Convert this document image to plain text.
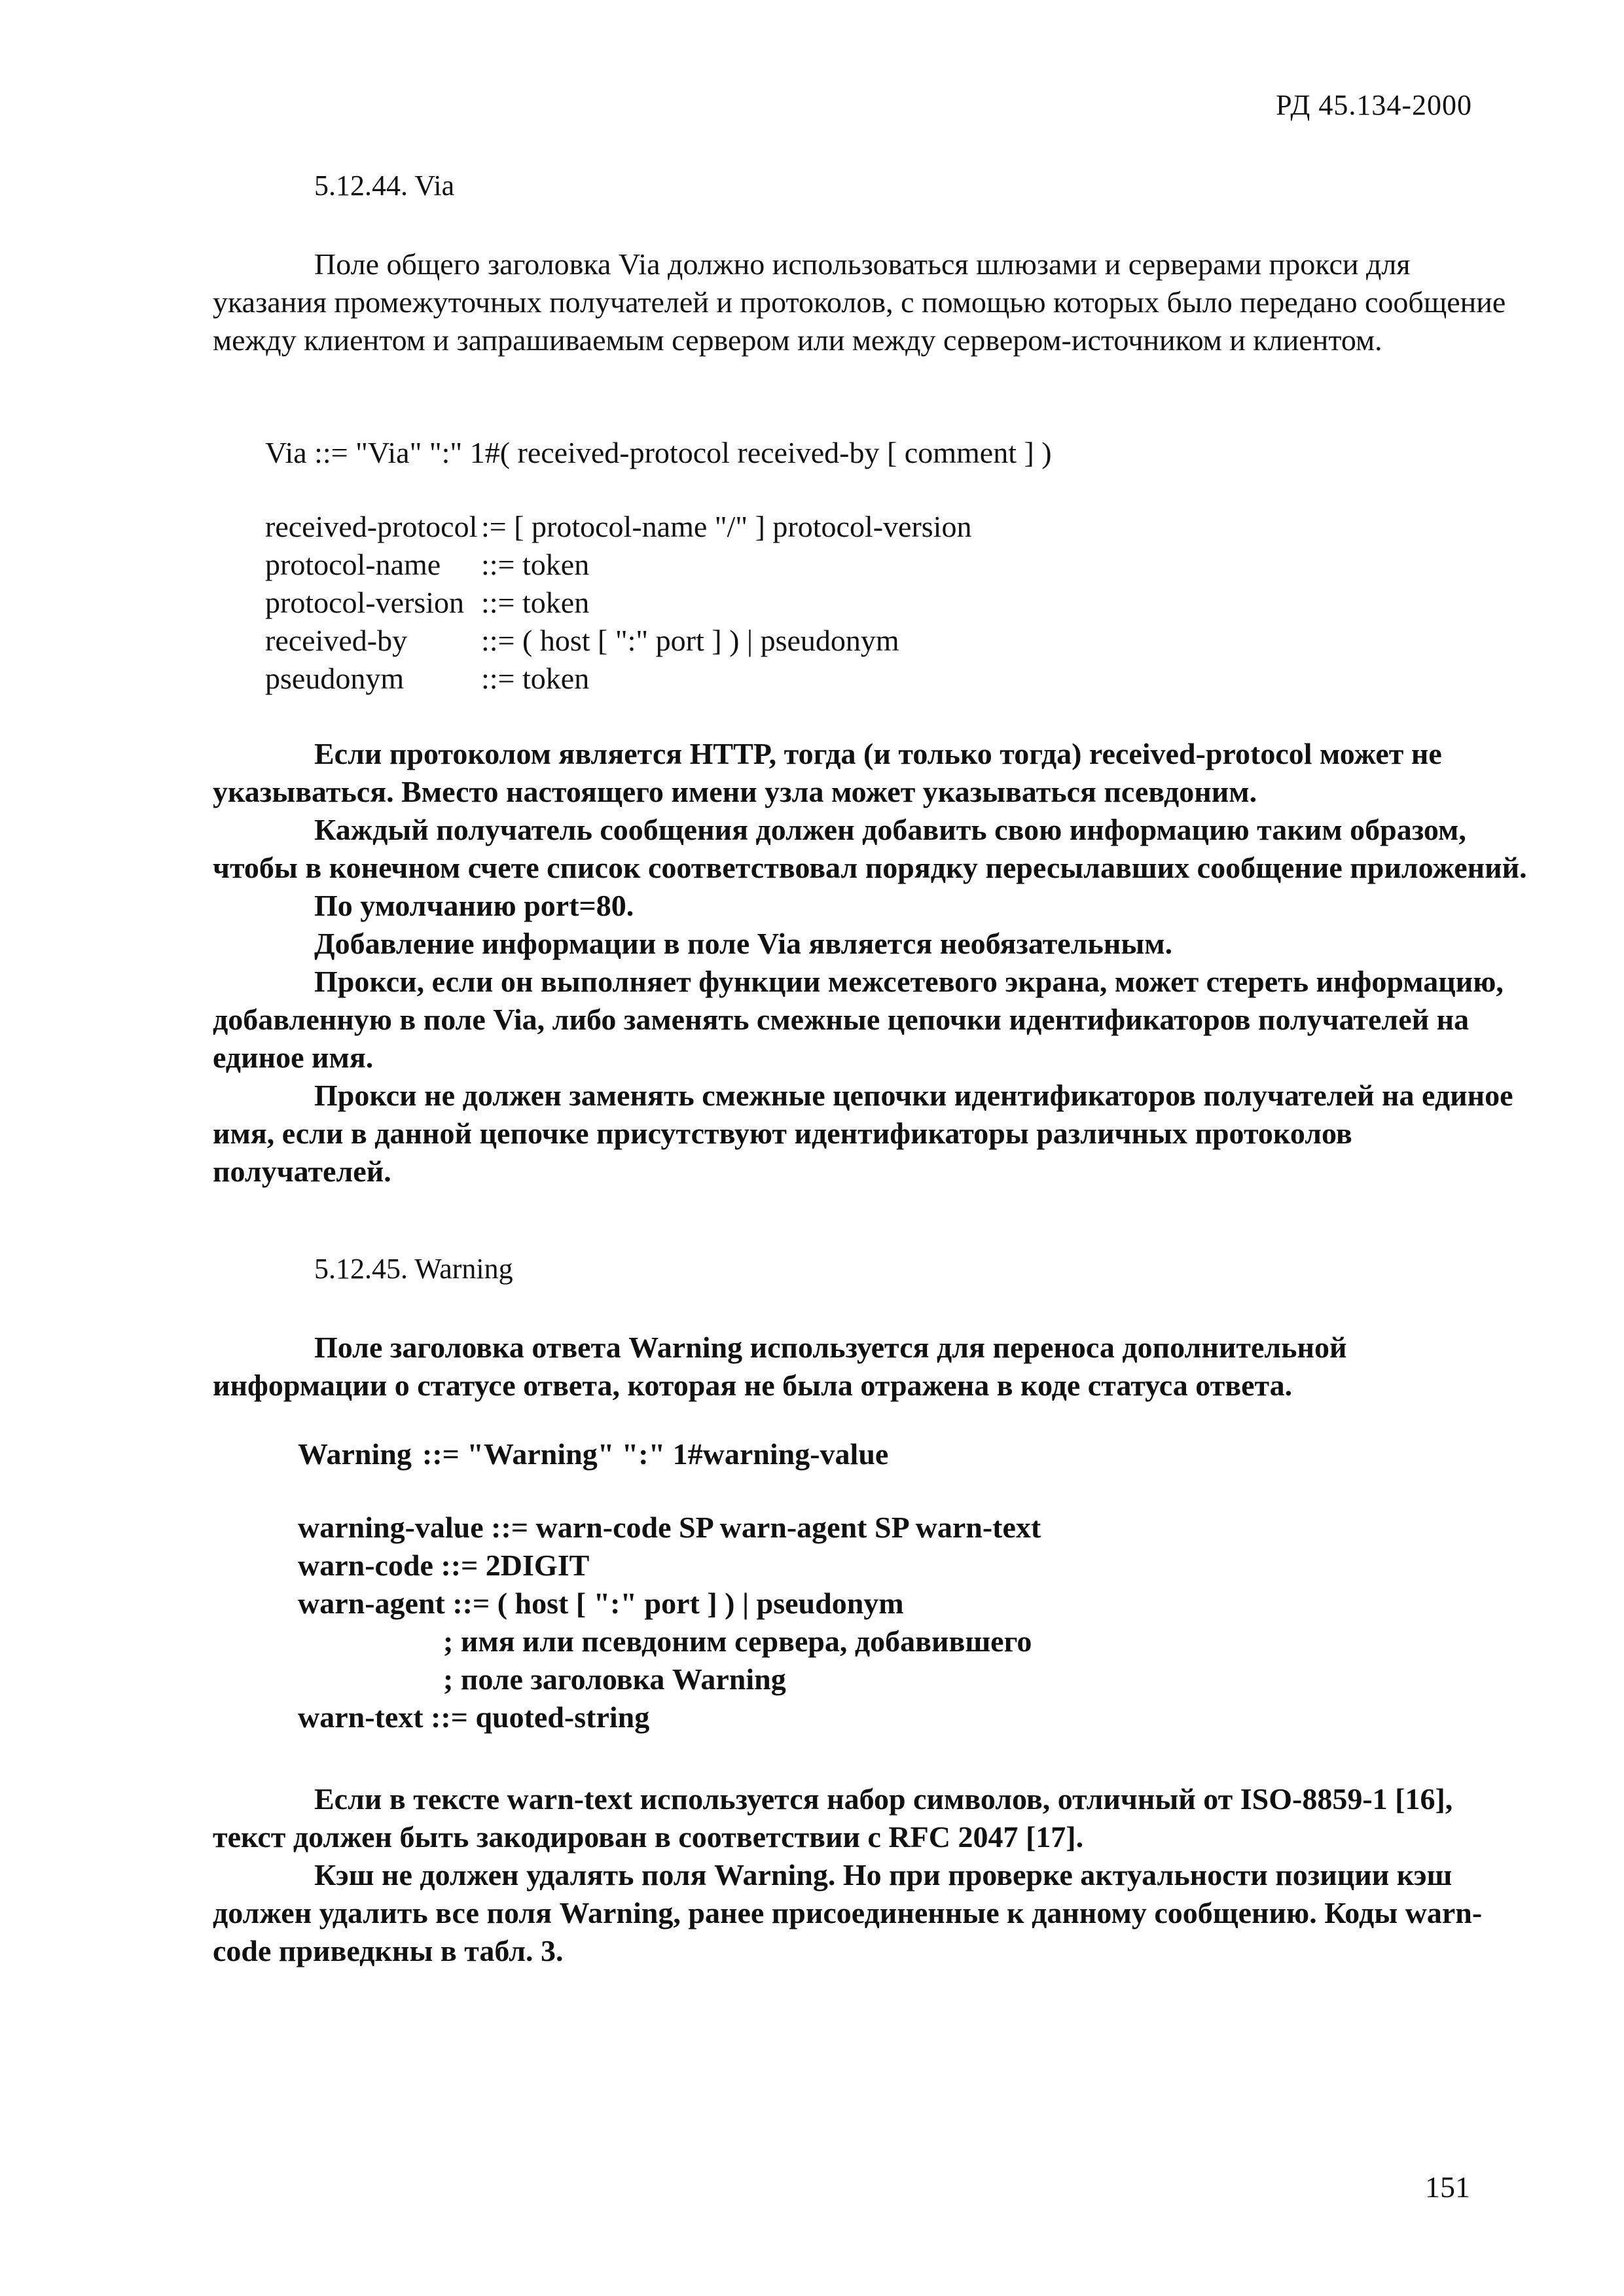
РД 45.134-2000
5.12.44. Via

Поле общего заголовка Via должно использоваться шлюзами и серверами прокси для указания промежуточных получателей и протоколов, с помощью которых было передано сообщение между клиентом и запрашиваемым сервером или между сервером-источником и клиентом.

Via ::= "Via" ":" 1#( received-protocol received-by [ comment ] )
received-protocol := [ protocol-name "/" ] protocol-version
protocol-name	::= token
protocol-version ::= token
received-by	::= ( host [ ":" port ] ) | pseudonym
pseudonym	::= token

Если протоколом является HTTP, тогда (и только тогда) received-protocol может не указываться. Вместо настоящего имени узла может указываться псевдоним.

Каждый получатель сообщения должен добавить свою информацию таким образом, чтобы в конечном счете список соответствовал порядку пересылавших сообщение приложений.

По умолчанию port=80.

Добавление информации в поле Via является необязательным.

Прокси, если он выполняет функции межсетевого экрана, может стереть информацию, добавленную в поле Via, либо заменять смежные цепочки идентификаторов получателей на единое имя.

Прокси не должен заменять смежные цепочки идентификаторов получателей на единое имя, если в данной цепочке присутствуют идентификаторы различных протоколов получателей.

5.12.45. Warning

Поле заголовка ответа Warning используется для переноса дополнительной информации о статусе ответа, которая не была отражена в коде статуса ответа.

Warning ::= "Warning" ":" 1#warning-value
warning-value ::= warn-code SP warn-agent SP warn-text
warn-code ::= 2DIGIT
warn-agent ::= ( host [ ":" port ] ) | pseudonym
; имя или псевдоним сервера, добавившего
; поле заголовка Warning
warn-text ::= quoted-string

Если в тексте warn-text используется набор символов, отличный от ISO-8859-1 [16], текст должен быть закодирован в соответствии с RFC 2047 [17].

Кэш не должен удалять поля Warning. Но при проверке актуальности позиции кэш должен удалить все поля Warning, ранее присоединенные к данному сообщению. Коды warn-code приведкны в табл. 3.

151
